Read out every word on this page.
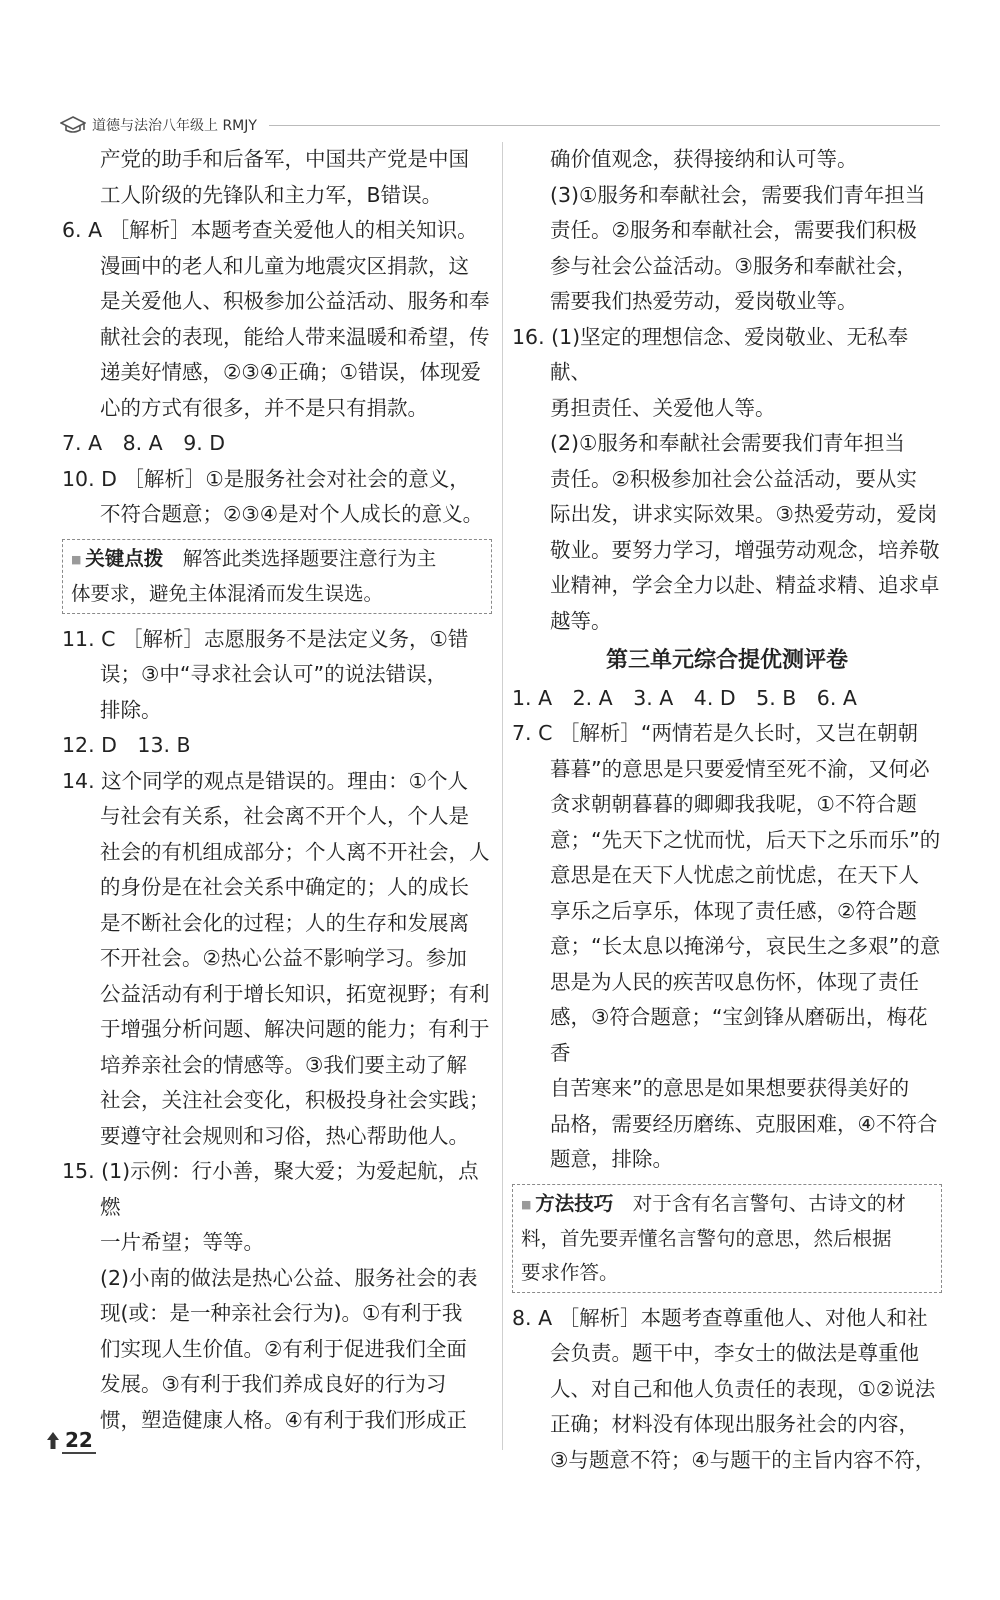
道德与法治八年级上 RMJY
产党的助手和后备军，中国共产党是中国
工人阶级的先锋队和主力军，B错误。
6. A ［解析］本题考查关爱他人的相关知识。
漫画中的老人和儿童为地震灾区捐款，这
是关爱他人、积极参加公益活动、服务和奉
献社会的表现，能给人带来温暖和希望，传
递美好情感，②③④正确；①错误，体现爱
心的方式有很多，并不是只有捐款。
7. A　8. A　9. D
10. D ［解析］①是服务社会对社会的意义，
不符合题意；②③④是对个人成长的意义。
■ 关键点拨　 解答此类选择题要注意行为主
体要求，避免主体混淆而发生误选。
11. C ［解析］志愿服务不是法定义务，①错
误；③中“寻求社会认可”的说法错误，
排除。
12. D　13. B
14. 这个同学的观点是错误的。理由：①个人
与社会有关系，社会离不开个人，个人是
社会的有机组成部分；个人离不开社会，人
的身份是在社会关系中确定的；人的成长
是不断社会化的过程；人的生存和发展离
不开社会。②热心公益不影响学习。参加
公益活动有利于增长知识，拓宽视野；有利
于增强分析问题、解决问题的能力；有利于
培养亲社会的情感等。③我们要主动了解
社会，关注社会变化，积极投身社会实践；
要遵守社会规则和习俗，热心帮助他人。
15. (1)示例：行小善，聚大爱；为爱起航，点燃
一片希望；等等。
(2)小南的做法是热心公益、服务社会的表
现(或：是一种亲社会行为)。①有利于我
们实现人生价值。②有利于促进我们全面
发展。③有利于我们养成良好的行为习
惯，塑造健康人格。④有利于我们形成正
确价值观念，获得接纳和认可等。
(3)①服务和奉献社会，需要我们青年担当
责任。②服务和奉献社会，需要我们积极
参与社会公益活动。③服务和奉献社会，
需要我们热爱劳动，爱岗敬业等。
16. (1)坚定的理想信念、爱岗敬业、无私奉献、
勇担责任、关爱他人等。
(2)①服务和奉献社会需要我们青年担当
责任。②积极参加社会公益活动，要从实
际出发，讲求实际效果。③热爱劳动，爱岗
敬业。要努力学习，增强劳动观念，培养敬
业精神，学会全力以赴、精益求精、追求卓
越等。
第三单元综合提优测评卷
1. A　2. A　3. A　4. D　5. B　6. A
7. C ［解析］“两情若是久长时，又岂在朝朝
暮暮”的意思是只要爱情至死不渝，又何必
贪求朝朝暮暮的卿卿我我呢，①不符合题
意；“先天下之忧而忧，后天下之乐而乐”的
意思是在天下人忧虑之前忧虑，在天下人
享乐之后享乐，体现了责任感，②符合题
意；“长太息以掩涕兮，哀民生之多艰”的意
思是为人民的疾苦叹息伤怀，体现了责任
感，③符合题意；“宝剑锋从磨砺出，梅花香
自苦寒来”的意思是如果想要获得美好的
品格，需要经历磨练、克服困难，④不符合
题意，排除。
■ 方法技巧　 对于含有名言警句、古诗文的材
料，首先要弄懂名言警句的意思，然后根据
要求作答。
8. A ［解析］本题考查尊重他人、对他人和社
会负责。题干中，李女士的做法是尊重他
人、对自己和他人负责任的表现，①②说法
正确；材料没有体现出服务社会的内容，
③与题意不符；④与题干的主旨内容不符，
22
